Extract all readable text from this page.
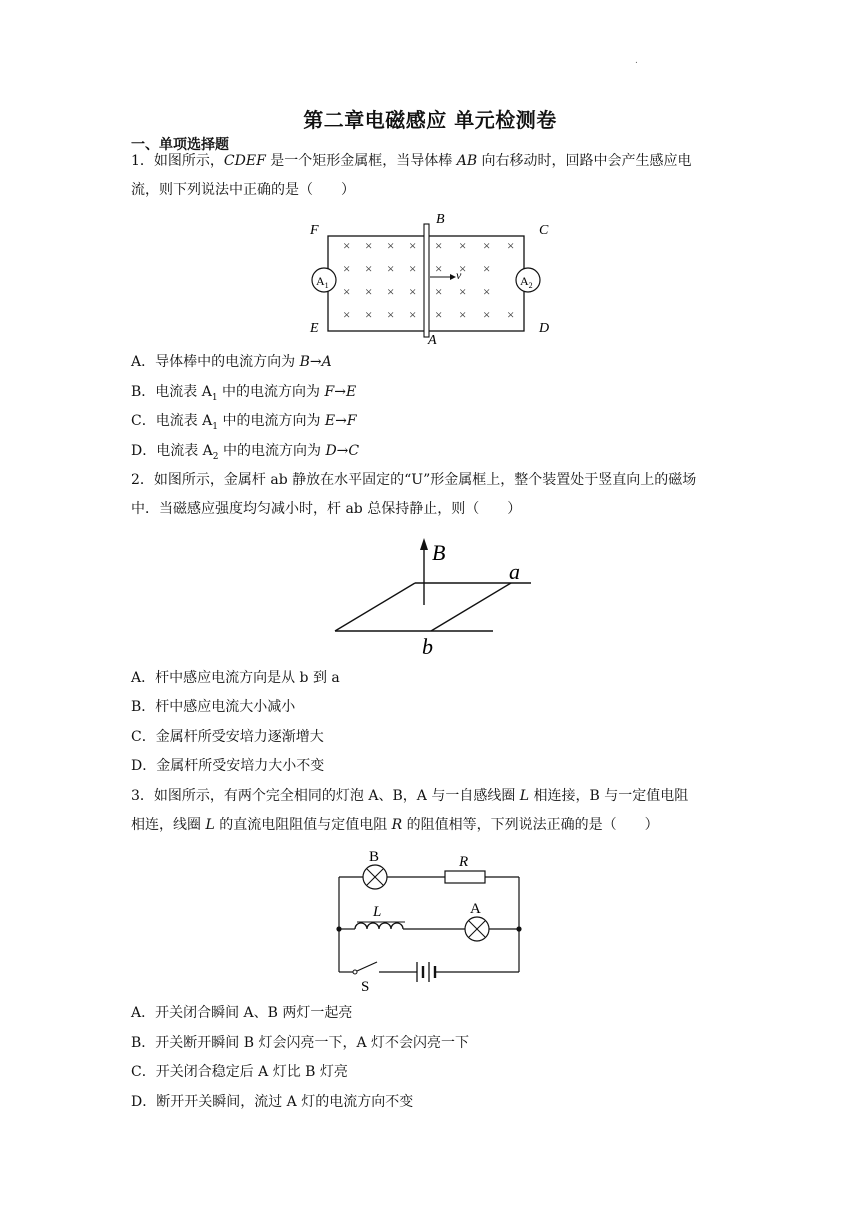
.
第二章电磁感应 单元检测卷
一、单项选择题
1．如图所示，CDEF 是一个矩形金属框，当导体棒 AB 向右移动时，回路中会产生感应电
流，则下列说法中正确的是（　　）
× × × × × × × ×
× × × × × × ×
× × × × × × ×
× × × × × × × ×
F
B
C
E
A
D
v
$A_1$	$A_2$
A．导体棒中的电流方向为 B→A
B．电流表 $A_1$ 中的电流方向为 F→E
C．电流表 $A_1$ 中的电流方向为 E→F
D．电流表 $A_2$ 中的电流方向为 D→C
2．如图所示，金属杆 ab 静放在水平固定的“U”形金属框上，整个装置处于竖直向上的磁场
中．当磁感应强度均匀减小时，杆 ab 总保持静止，则（　　）
B
a
b
A．杆中感应电流方向是从 b 到 a
B．杆中感应电流大小减小
C．金属杆所受安培力逐渐增大
D．金属杆所受安培力大小不变
3．如图所示，有两个完全相同的灯泡 A、B，A 与一自感线圈 L 相连接，B 与一定值电阻
相连，线圈 L 的直流电阻阻值与定值电阻 R 的阻值相等，下列说法正确的是（　　）
B	R
L	A
S
A．开关闭合瞬间 A、B 两灯一起亮
B．开关断开瞬间 B 灯会闪亮一下，A 灯不会闪亮一下
C．开关闭合稳定后 A 灯比 B 灯亮
D．断开开关瞬间，流过 A 灯的电流方向不变
